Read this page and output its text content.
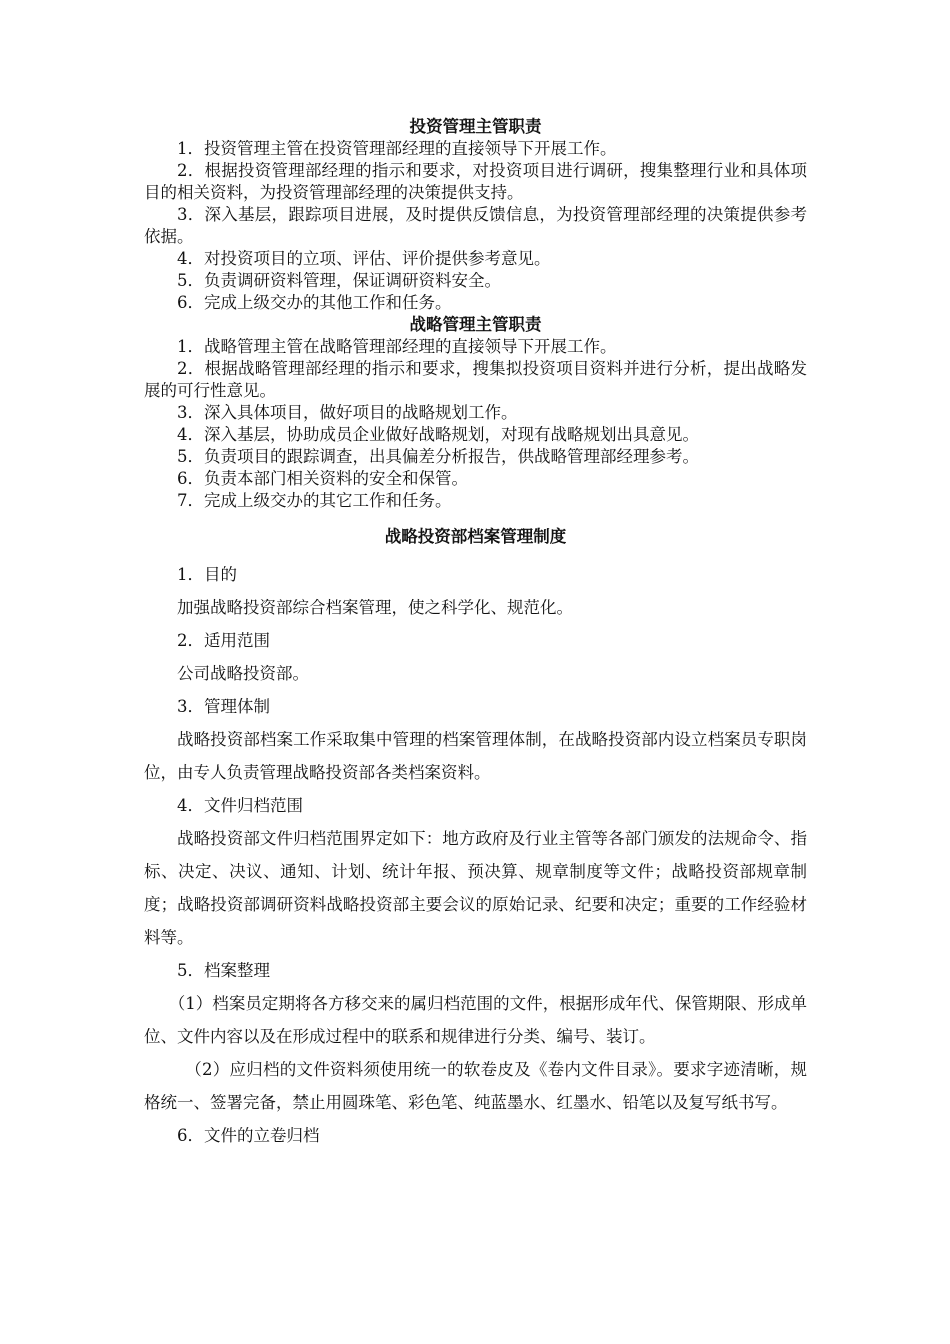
投资管理主管职责
1．投资管理主管在投资管理部经理的直接领导下开展工作。
2．根据投资管理部经理的指示和要求，对投资项目进行调研，搜集整理行业和具体项目的相关资料，为投资管理部经理的决策提供支持。
3．深入基层，跟踪项目进展，及时提供反馈信息，为投资管理部经理的决策提供参考依据。
4．对投资项目的立项、评估、评价提供参考意见。
5．负责调研资料管理，保证调研资料安全。
6．完成上级交办的其他工作和任务。
战略管理主管职责
1．战略管理主管在战略管理部经理的直接领导下开展工作。
2．根据战略管理部经理的指示和要求，搜集拟投资项目资料并进行分析，提出战略发展的可行性意见。
3．深入具体项目，做好项目的战略规划工作。
4．深入基层，协助成员企业做好战略规划，对现有战略规划出具意见。
5．负责项目的跟踪调查，出具偏差分析报告，供战略管理部经理参考。
6．负责本部门相关资料的安全和保管。
7．完成上级交办的其它工作和任务。
战略投资部档案管理制度
1．目的
加强战略投资部综合档案管理，使之科学化、规范化。
2．适用范围
公司战略投资部。
3．管理体制
战略投资部档案工作采取集中管理的档案管理体制，在战略投资部内设立档案员专职岗位，由专人负责管理战略投资部各类档案资料。
4．文件归档范围
战略投资部文件归档范围界定如下：地方政府及行业主管等各部门颁发的法规命令、指标、决定、决议、通知、计划、统计年报、预决算、规章制度等文件；战略投资部规章制度；战略投资部调研资料战略投资部主要会议的原始记录、纪要和决定；重要的工作经验材料等。
5．档案整理
（1）档案员定期将各方移交来的属归档范围的文件，根据形成年代、保管期限、形成单位、文件内容以及在形成过程中的联系和规律进行分类、编号、装订。
（2）应归档的文件资料须使用统一的软卷皮及《卷内文件目录》。要求字迹清晰，规格统一、签署完备，禁止用圆珠笔、彩色笔、纯蓝墨水、红墨水、铅笔以及复写纸书写。
6．文件的立卷归档
